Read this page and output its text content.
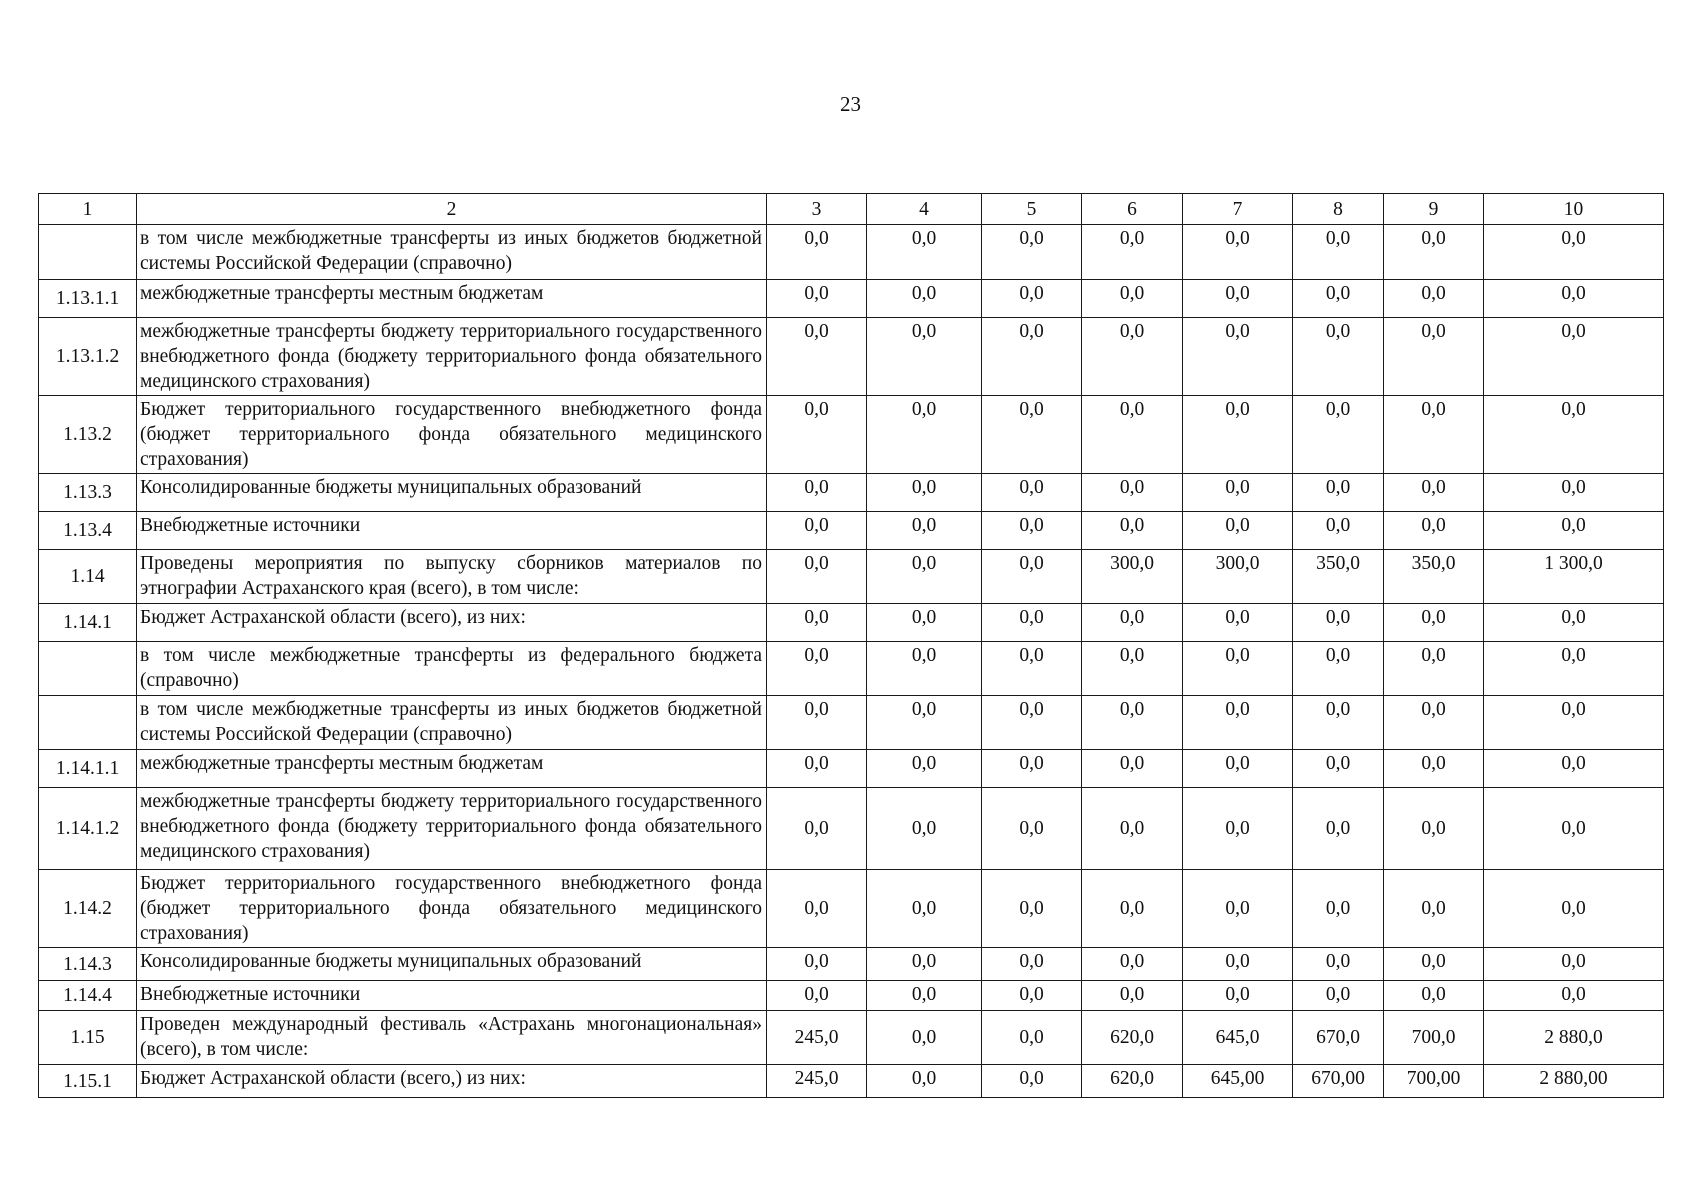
23
1	2	3	4	5	6	7	8	9	10
	в том числе межбюджетные трансферты из иных бюджетов бюджетной системы Российской Федерации (справочно)	0,0	0,0	0,0	0,0	0,0	0,0	0,0	0,0
1.13.1.1	межбюджетные трансферты местным бюджетам	0,0	0,0	0,0	0,0	0,0	0,0	0,0	0,0
1.13.1.2	межбюджетные трансферты бюджету территориального государственного внебюджетного фонда (бюджету территориального фонда обязательного медицинского страхования)	0,0	0,0	0,0	0,0	0,0	0,0	0,0	0,0
1.13.2	Бюджет территориального государственного внебюджетного фонда (бюджет территориального фонда обязательного медицинского страхования)	0,0	0,0	0,0	0,0	0,0	0,0	0,0	0,0
1.13.3	Консолидированные бюджеты муниципальных образований	0,0	0,0	0,0	0,0	0,0	0,0	0,0	0,0
1.13.4	Внебюджетные источники	0,0	0,0	0,0	0,0	0,0	0,0	0,0	0,0
1.14	Проведены мероприятия по выпуску сборников материалов по этнографии Астраханского края (всего), в том числе:	0,0	0,0	0,0	300,0	300,0	350,0	350,0	1 300,0
1.14.1	Бюджет Астраханской области (всего), из них:	0,0	0,0	0,0	0,0	0,0	0,0	0,0	0,0
	в том числе межбюджетные трансферты из федерального бюджета (справочно)	0,0	0,0	0,0	0,0	0,0	0,0	0,0	0,0
	в том числе межбюджетные трансферты из иных бюджетов бюджетной системы Российской Федерации (справочно)	0,0	0,0	0,0	0,0	0,0	0,0	0,0	0,0
1.14.1.1	межбюджетные трансферты местным бюджетам	0,0	0,0	0,0	0,0	0,0	0,0	0,0	0,0
1.14.1.2	межбюджетные трансферты бюджету территориального государственного внебюджетного фонда (бюджету территориального фонда обязательного медицинского страхования)	0,0	0,0	0,0	0,0	0,0	0,0	0,0	0,0
1.14.2	Бюджет территориального государственного внебюджетного фонда (бюджет территориального фонда обязательного медицинского страхования)	0,0	0,0	0,0	0,0	0,0	0,0	0,0	0,0
1.14.3	Консолидированные бюджеты муниципальных образований	0,0	0,0	0,0	0,0	0,0	0,0	0,0	0,0
1.14.4	Внебюджетные источники	0,0	0,0	0,0	0,0	0,0	0,0	0,0	0,0
1.15	Проведен международный фестиваль «Астрахань многонациональная» (всего), в том числе:	245,0	0,0	0,0	620,0	645,0	670,0	700,0	2 880,0
1.15.1	Бюджет Астраханской области (всего,) из них:	245,0	0,0	0,0	620,0	645,00	670,00	700,00	2 880,00
